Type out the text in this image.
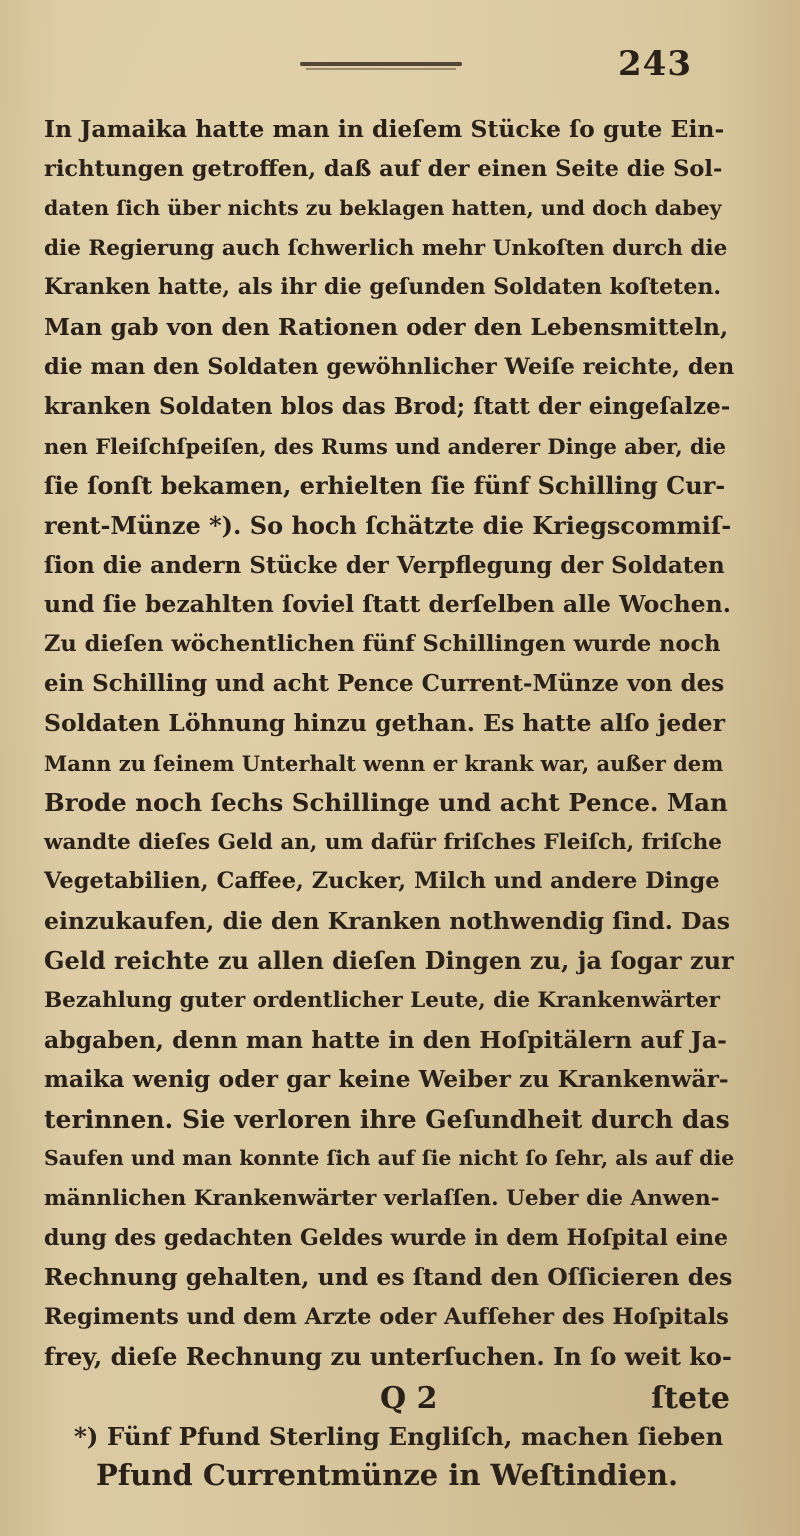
243

In Jamaika hatte man in dieſem Stücke ſo gute Ein-
richtungen getroffen, daß auf der einen Seite die Sol-
daten ſich über nichts zu beklagen hatten, und doch dabey
die Regierung auch ſchwerlich mehr Unkoſten durch die
Kranken hatte, als ihr die geſunden Soldaten koſteten.
Man gab von den Rationen oder den Lebensmitteln,
die man den Soldaten gewöhnlicher Weiſe reichte, den
kranken Soldaten blos das Brod; ſtatt der eingeſalze-
nen Fleiſchſpeiſen, des Rums und anderer Dinge aber, die
ſie ſonſt bekamen, erhielten ſie fünf Schilling Cur-
rent-Münze *). So hoch ſchätzte die Kriegscommiſ-
ſion die andern Stücke der Verpflegung der Soldaten
und ſie bezahlten ſoviel ſtatt derſelben alle Wochen.
Zu dieſen wöchentlichen fünf Schillingen wurde noch
ein Schilling und acht Pence Current-Münze von des
Soldaten Löhnung hinzu gethan. Es hatte alſo jeder
Mann zu ſeinem Unterhalt wenn er krank war, außer dem
Brode noch ſechs Schillinge und acht Pence. Man
wandte dieſes Geld an, um dafür friſches Fleiſch, friſche
Vegetabilien, Caffee, Zucker, Milch und andere Dinge
einzukaufen, die den Kranken nothwendig ſind. Das
Geld reichte zu allen dieſen Dingen zu, ja ſogar zur
Bezahlung guter ordentlicher Leute, die Krankenwärter
abgaben, denn man hatte in den Hoſpitälern auf Ja-
maika wenig oder gar keine Weiber zu Krankenwär-
terinnen. Sie verloren ihre Geſundheit durch das
Saufen und man konnte ſich auf ſie nicht ſo ſehr, als auf die
männlichen Krankenwärter verlaſſen. Ueber die Anwen-
dung des gedachten Geldes wurde in dem Hoſpital eine
Rechnung gehalten, und es ſtand den Oſſicieren des
Regiments und dem Arzte oder Aufſeher des Hoſpitals
frey, dieſe Rechnung zu unterſuchen. In ſo weit ko-
Q 2	ſtete
*) Fünf Pfund Sterling Engliſch, machen ſieben
Pfund Currentmünze in Weſtindien.
